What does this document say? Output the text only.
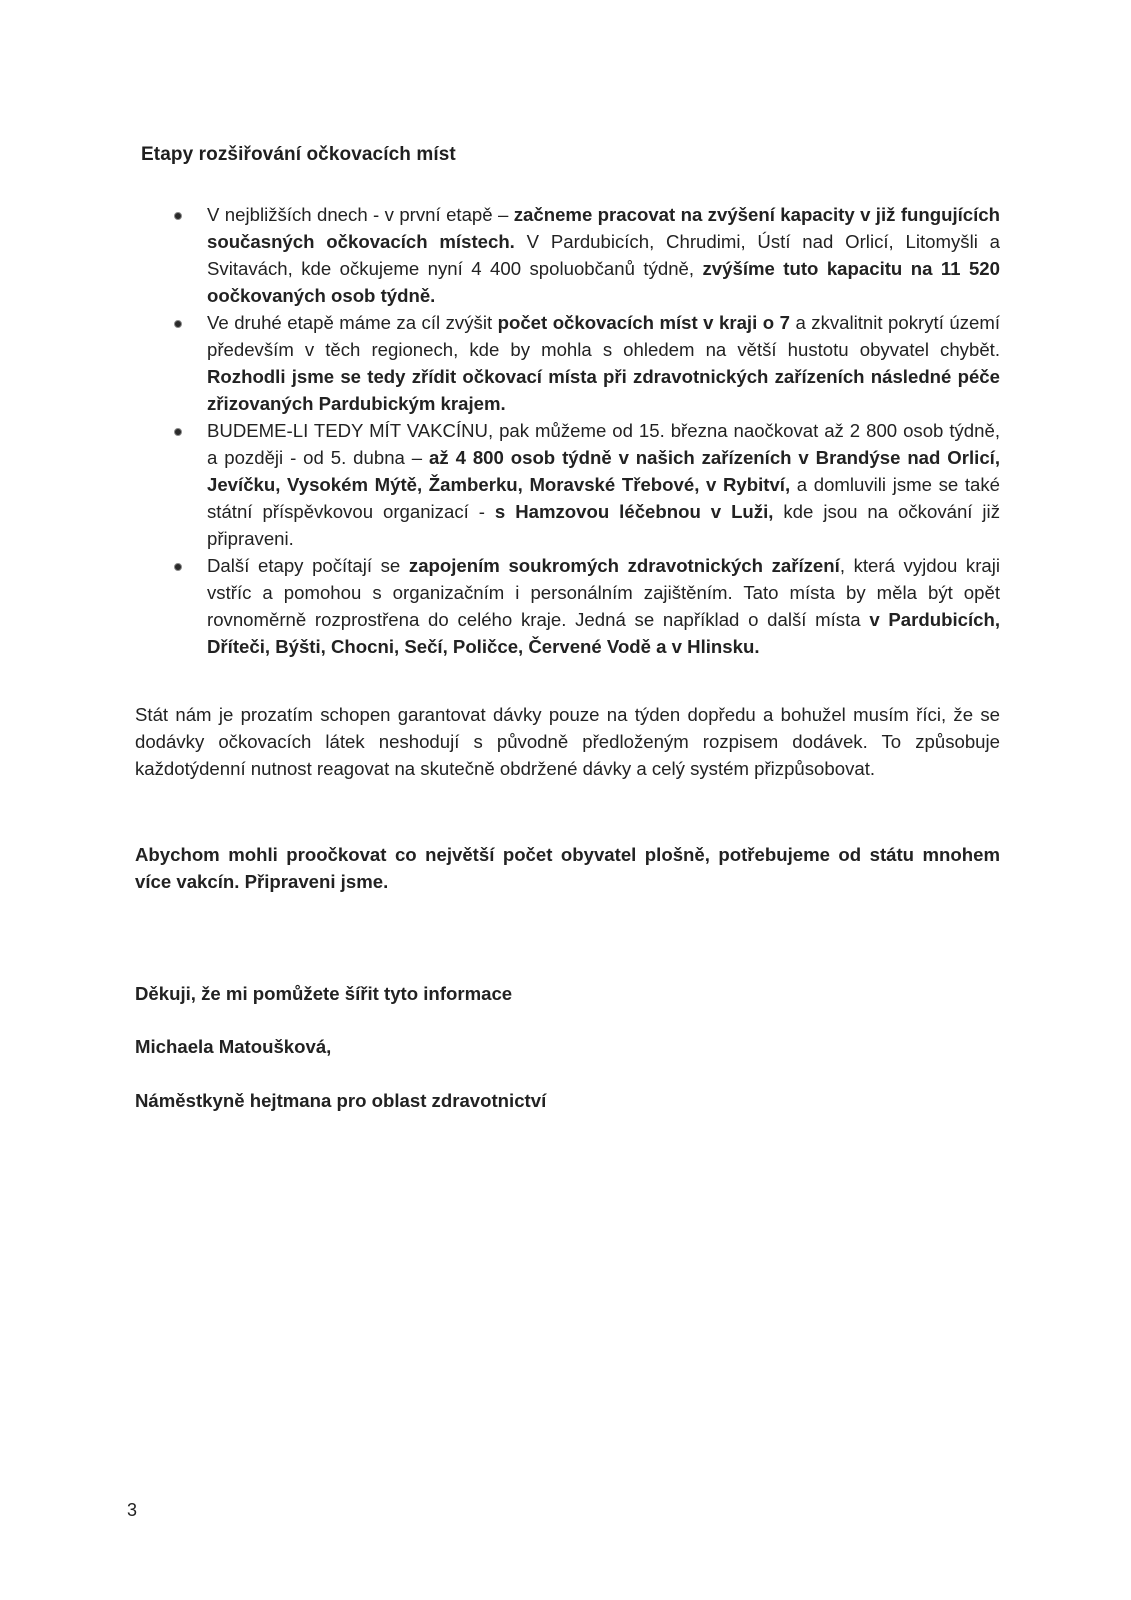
Etapy rozšiřování očkovacích míst
V nejbližších dnech - v první etapě – začneme pracovat na zvýšení kapacity v již fungujících současných očkovacích místech. V Pardubicích, Chrudimi, Ústí nad Orlicí, Litomyšli a Svitavách, kde očkujeme nyní 4 400 spoluobčanů týdně, zvýšíme tuto kapacitu na 11 520 oočkovaných osob týdně.
Ve druhé etapě máme za cíl zvýšit počet očkovacích míst v kraji o 7 a zkvalitnit pokrytí území především v těch regionech, kde by mohla s ohledem na větší hustotu obyvatel chybět. Rozhodli jsme se tedy zřídit očkovací místa při zdravotnických zařízeních následné péče zřizovaných Pardubickým krajem.
BUDEME-LI TEDY MÍT VAKCÍNU, pak můžeme od 15. března naočkovat až 2 800 osob týdně, a později - od 5. dubna – až 4 800 osob týdně v našich zařízeních v Brandýse nad Orlicí, Jevíčku, Vysokém Mýtě, Žamberku, Moravské Třebové, v Rybitví, a domluvili jsme se také státní příspěvkovou organizací - s Hamzovou léčebnou v Luži, kde jsou na očkování již připraveni.
Další etapy počítají se zapojením soukromých zdravotnických zařízení, která vyjdou kraji vstříc a pomohou s organizačním i personálním zajištěním. Tato místa by měla být opět rovnoměrně rozprostřena do celého kraje. Jedná se například o další místa v Pardubicích, Dříteči, Býšti, Chocni, Sečí, Poličce, Červené Vodě a v Hlinsku.

Stát nám je prozatím schopen garantovat dávky pouze na týden dopředu a bohužel musím říci, že se dodávky očkovacích látek neshodují s původně předloženým rozpisem dodávek. To způsobuje každotýdenní nutnost reagovat na skutečně obdržené dávky a celý systém přizpůsobovat.

Abychom mohli proočkovat co největší počet obyvatel plošně, potřebujeme od státu mnohem více vakcín. Připraveni jsme.

Děkuji, že mi pomůžete šířit tyto informace

Michaela Matoušková,

Náměstkyně hejtmana pro oblast zdravotnictví

3
